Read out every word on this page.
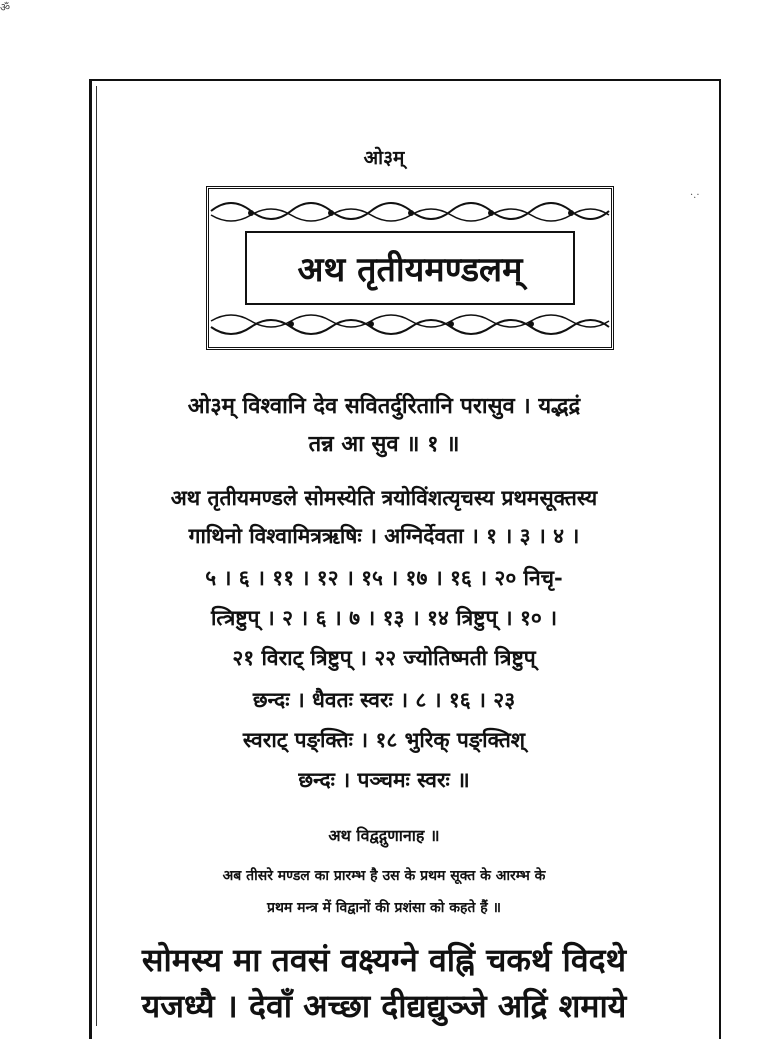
ॐ
·.·
ओ३म्
अथ तृतीयमण्डलम्
ओ३म् विश्वानि देव सवितर्दुरितानि परासुव । यद्भद्रं
तन्न आ सुव ॥ १ ॥
अथ तृतीयमण्डले सोमस्येति त्रयोविंशत्यृचस्य प्रथमसूक्तस्य
गाथिनो विश्वामित्रऋषिः । अग्निर्देवता । १ । ३ । ४ ।
५ । ६ । ११ । १२ । १५ । १७ । १६ । २० निचृ-
त्त्रिष्टुप् । २ । ६ । ७ । १३ । १४ त्रिष्टुप् । १० ।
२१ विराट् त्रिष्टुप् । २२ ज्योतिष्मती त्रिष्टुप्
छन्दः । धैवतः स्वरः । ८ । १६ । २३
स्वराट् पङ्क्तिः । १८ भुरिक् पङ्क्तिश्
छन्दः । पञ्चमः स्वरः ॥
अथ विद्वद्गुणानाह ॥
अब तीसरे मण्डल का प्रारम्भ है उस के प्रथम सूक्त के आरम्भ के
प्रथम मन्त्र में विद्वानों की प्रशंसा को कहते हैं ॥
सोमस्य मा तवसं वक्ष्यग्ने वह्निं चकर्थ विदथे
यजध्यै । देवाँ अच्छा दीद्यद्युञ्जे अद्रिं शमाये
